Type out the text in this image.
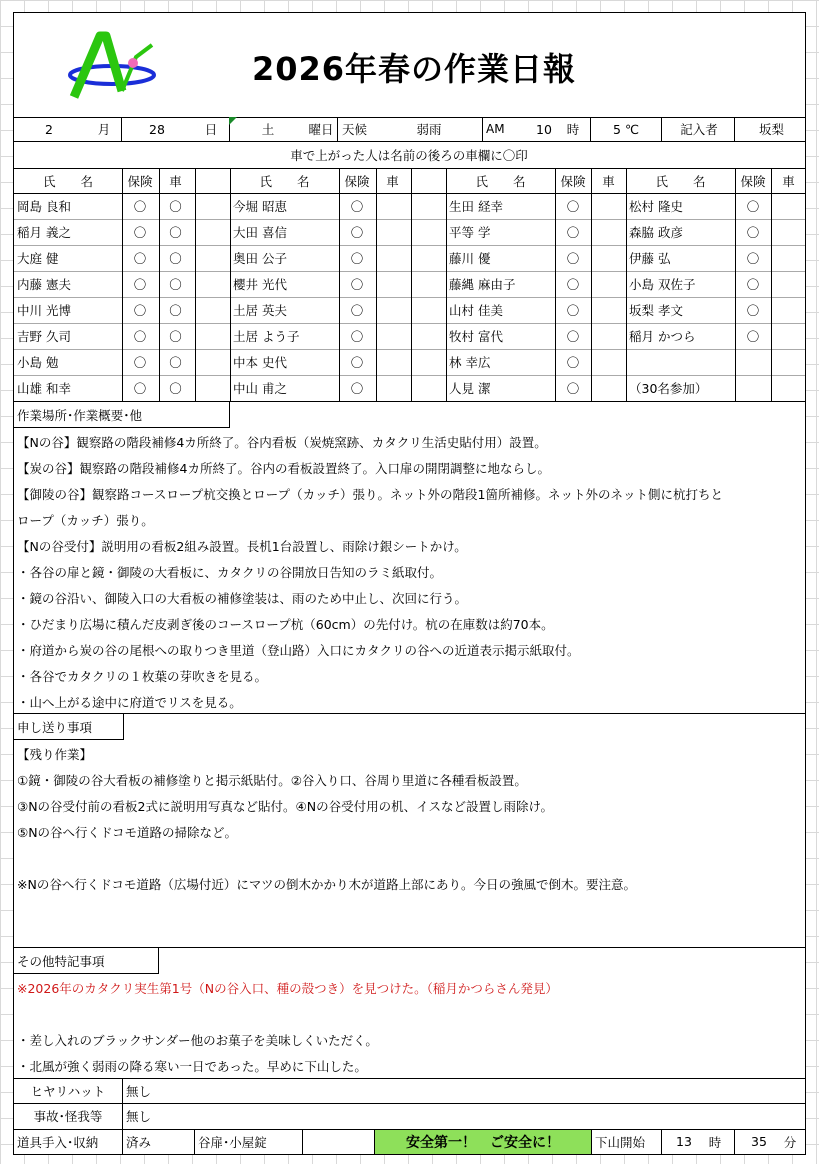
2026年春の作業日報
2	月	28	日	土	曜日 天候	弱雨	AM	10	時	5 ℃	記入者	坂梨
車で上がった人は名前の後ろの車欄に〇印
氏　　名	保険	車
岡島 良和	〇	〇
稲月 義之	〇	〇
大庭 健	〇	〇
内藤 憲夫	〇	〇
中川 光博	〇	〇
吉野 久司	〇	〇
小島 勉	〇	〇
山雄 和幸	〇	〇
氏　　名	保険	車
今堀 昭恵	〇
大田 喜信	〇
奥田 公子	〇
櫻井 光代	〇
土居 英夫	〇
土居 よう子	〇
中本 史代	〇
中山 甫之	〇
氏　　名	保険	車
生田 経幸	〇
平等 学	〇
藤川 優	〇
藤縄 麻由子	〇
山村 佳美	〇
牧村 富代	〇
林 幸広	〇
人見 潔	〇
氏　　名	保険	車
松村 隆史	〇
森脇 政彦	〇
伊藤 弘	〇
小島 双佐子	〇
坂梨 孝文	〇
稲月 かつら	〇
（30名参加）
作業場所･作業概要･他
【Nの谷】観察路の階段補修4カ所終了。谷内看板（炭焼窯跡、カタクリ生活史貼付用）設置。
【炭の谷】観察路の階段補修4カ所終了。谷内の看板設置終了。入口扉の開閉調整に地ならし。
【御陵の谷】観察路コースロープ杭交換とロープ（カッチ）張り。ネット外の階段1箇所補修。ネット外のネット側に杭打ちと
ロープ（カッチ）張り。
【Nの谷受付】説明用の看板2組み設置。長机1台設置し、雨除け銀シートかけ。
・各谷の扉と鏡・御陵の大看板に、カタクリの谷開放日告知のラミ紙取付。
・鏡の谷沿い、御陵入口の大看板の補修塗装は、雨のため中止し、次回に行う。
・ひだまり広場に積んだ皮剥ぎ後のコースロープ杭（60cm）の先付け。杭の在庫数は約70本。
・府道から炭の谷の尾根への取りつき里道（登山路）入口にカタクリの谷への近道表示掲示紙取付。
・各谷でカタクリの１枚葉の芽吹きを見る。
・山へ上がる途中に府道でリスを見る。
申し送り事項
【残り作業】
①鏡・御陵の谷大看板の補修塗りと掲示紙貼付。②谷入り口、谷周り里道に各種看板設置。
③Nの谷受付前の看板2式に説明用写真など貼付。④Nの谷受付用の机、イスなど設置し雨除け。
⑤Nの谷へ行くドコモ道路の掃除など。
※Nの谷へ行くドコモ道路（広場付近）にマツの倒木かかり木が道路上部にあり。今日の強風で倒木。要注意。
その他特記事項
※2026年のカタクリ実生第1号（Nの谷入口、種の殻つき）を見つけた。（稲月かつらさん発見）
・差し入れのブラックサンダー他のお菓子を美味しくいただく。
・北風が強く弱雨の降る寒い一日であった。早めに下山した。
ヒヤリハット	無し
事故･怪我等	無し
道具手入･収納	済み	谷扉･小屋錠	安全第一！　ご安全に！	下山開始	13	時	35	分
